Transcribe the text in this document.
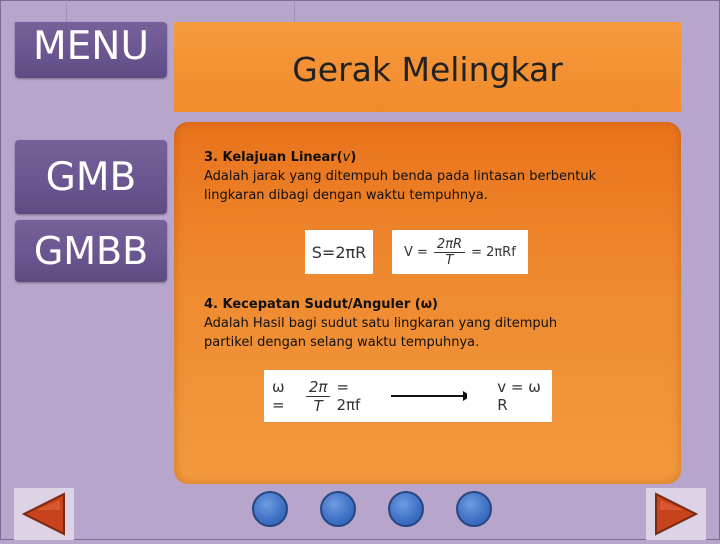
MENU
GMB
GMBB
Gerak Melingkar
3. Kelajuan Linear(v)
Adalah jarak yang ditempuh benda pada lintasan berbentuk
lingkaran dibagi dengan waktu tempuhnya.
S=2πR	$V = \frac{2\pi R}{T} = 2\pi Rf$
4. Kecepatan Sudut/Anguler (ω)
Adalah Hasil bagi sudut satu lingkaran yang ditempuh
partikel dengan selang waktu tempuhnya.
ω =	$\frac{2\pi}{T} = 2\pi f$
v = ω R
